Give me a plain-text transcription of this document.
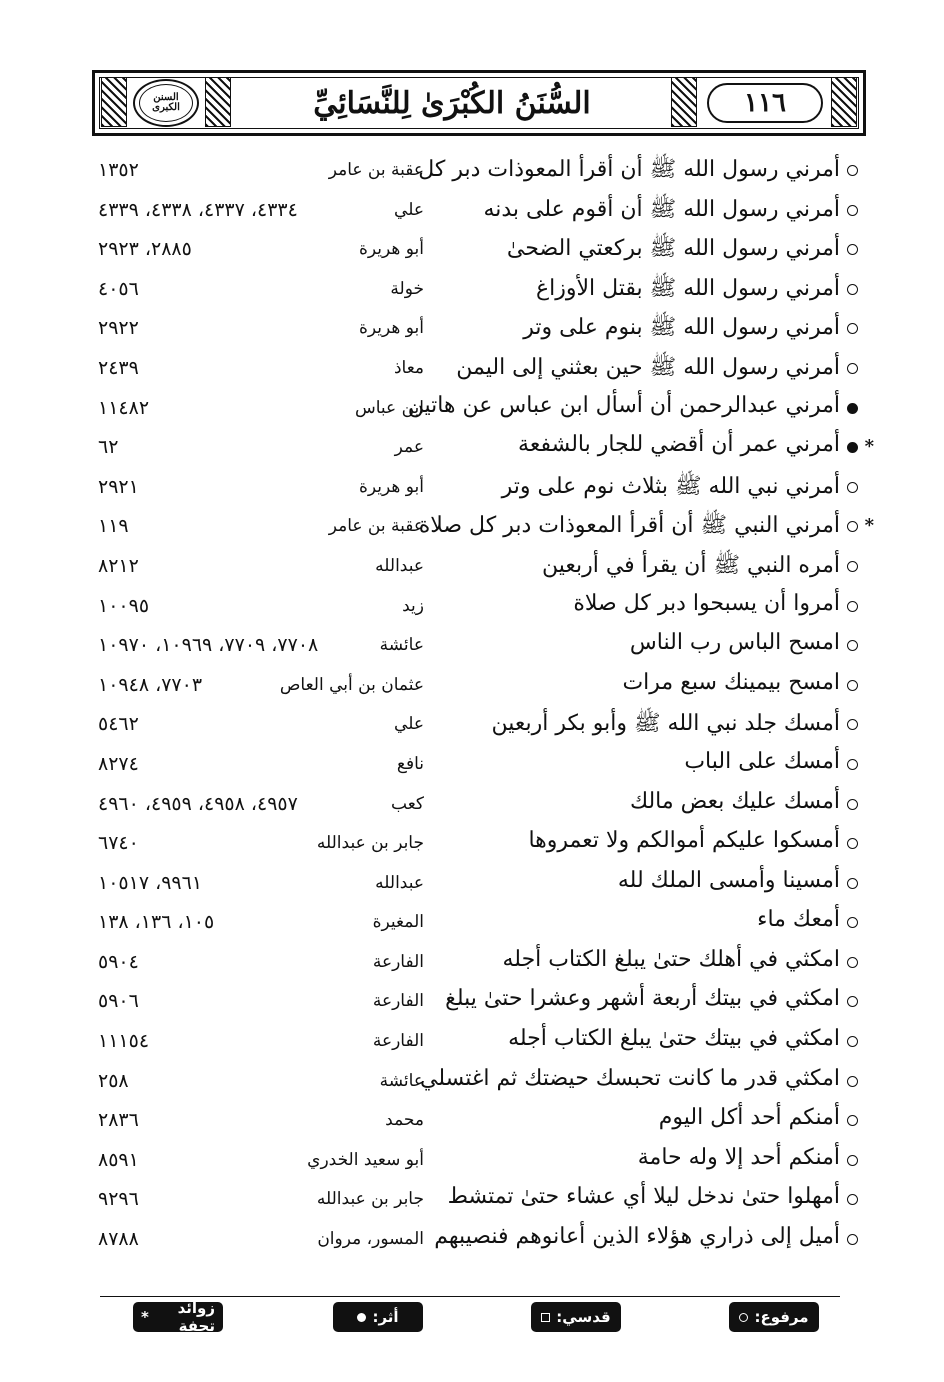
١١٦
السُّنَنُ الكُبْرَىٰ لِلنَّسَائِيِّ
السنن الكبرى
أمرني رسول الله ﷺ أن أقرأ المعوذات دبر كل
عقبة بن عامر
١٣٥٢
أمرني رسول الله ﷺ أن أقوم على بدنه
علي
٤٣٣٤، ٤٣٣٧، ٤٣٣٨، ٤٣٣٩
أمرني رسول الله ﷺ بركعتي الضحىٰ
أبو هريرة
٢٨٨٥، ٢٩٢٣
أمرني رسول الله ﷺ بقتل الأوزاغ
خولة
٤٠٥٦
أمرني رسول الله ﷺ بنوم على وتر
أبو هريرة
٢٩٢٢
أمرني رسول الله ﷺ حين بعثني إلى اليمن
معاذ
٢٤٣٩
أمرني عبدالرحمن أن أسأل ابن عباس عن هاتين
ابن عباس
١١٤٨٢
*
أمرني عمر أن أقضي للجار بالشفعة
عمر
٦٢
أمرني نبي الله ﷺ بثلاث نوم على وتر
أبو هريرة
٢٩٢١
*
أمرني النبي ﷺ أن أقرأ المعوذات دبر كل صلاة
عقبة بن عامر
١١٩
أمره النبي ﷺ أن يقرأ في أربعين
عبدالله
٨٢١٢
أمروا أن يسبحوا دبر كل صلاة
زيد
١٠٠٩٥
امسح الباس رب الناس
عائشة
٧٧٠٨، ٧٧٠٩، ١٠٩٦٩، ١٠٩٧٠
امسح بيمينك سبع مرات
عثمان بن أبي العاص
٧٧٠٣، ١٠٩٤٨
أمسك جلد نبي الله ﷺ وأبو بكر أربعين
علي
٥٤٦٢
أمسك على الباب
نافع
٨٢٧٤
أمسك عليك بعض مالك
كعب
٤٩٥٧، ٤٩٥٨، ٤٩٥٩، ٤٩٦٠
أمسكوا عليكم أموالكم ولا تعمروها
جابر بن عبدالله
٦٧٤٠
أمسينا وأمسى الملك لله
عبدالله
٩٩٦١، ١٠٥١٧
أمعك ماء
المغيرة
١٠٥، ١٣٦، ١٣٨
امكثي في أهلك حتىٰ يبلغ الكتاب أجله
الفارعة
٥٩٠٤
امكثي في بيتك أربعة أشهر وعشرا حتىٰ يبلغ
الفارعة
٥٩٠٦
امكثي في بيتك حتىٰ يبلغ الكتاب أجله
الفارعة
١١١٥٤
امكثي قدر ما كانت تحبسك حيضتك ثم اغتسلي
عائشة
٢٥٨
أمنكم أحد أكل اليوم
محمد
٢٨٣٦
أمنكم أحد إلا وله حامة
أبو سعيد الخدري
٨٥٩١
أمهلوا حتىٰ ندخل ليلا أي عشاء حتىٰ تمتشط
جابر بن عبدالله
٩٢٩٦
أميل إلى ذراري هؤلاء الذين أعانوهم فنصيبهم
المسور، مروان
٨٧٨٨
مرفوع:
قدسي:
أثر:
زوائد تحفة
*
